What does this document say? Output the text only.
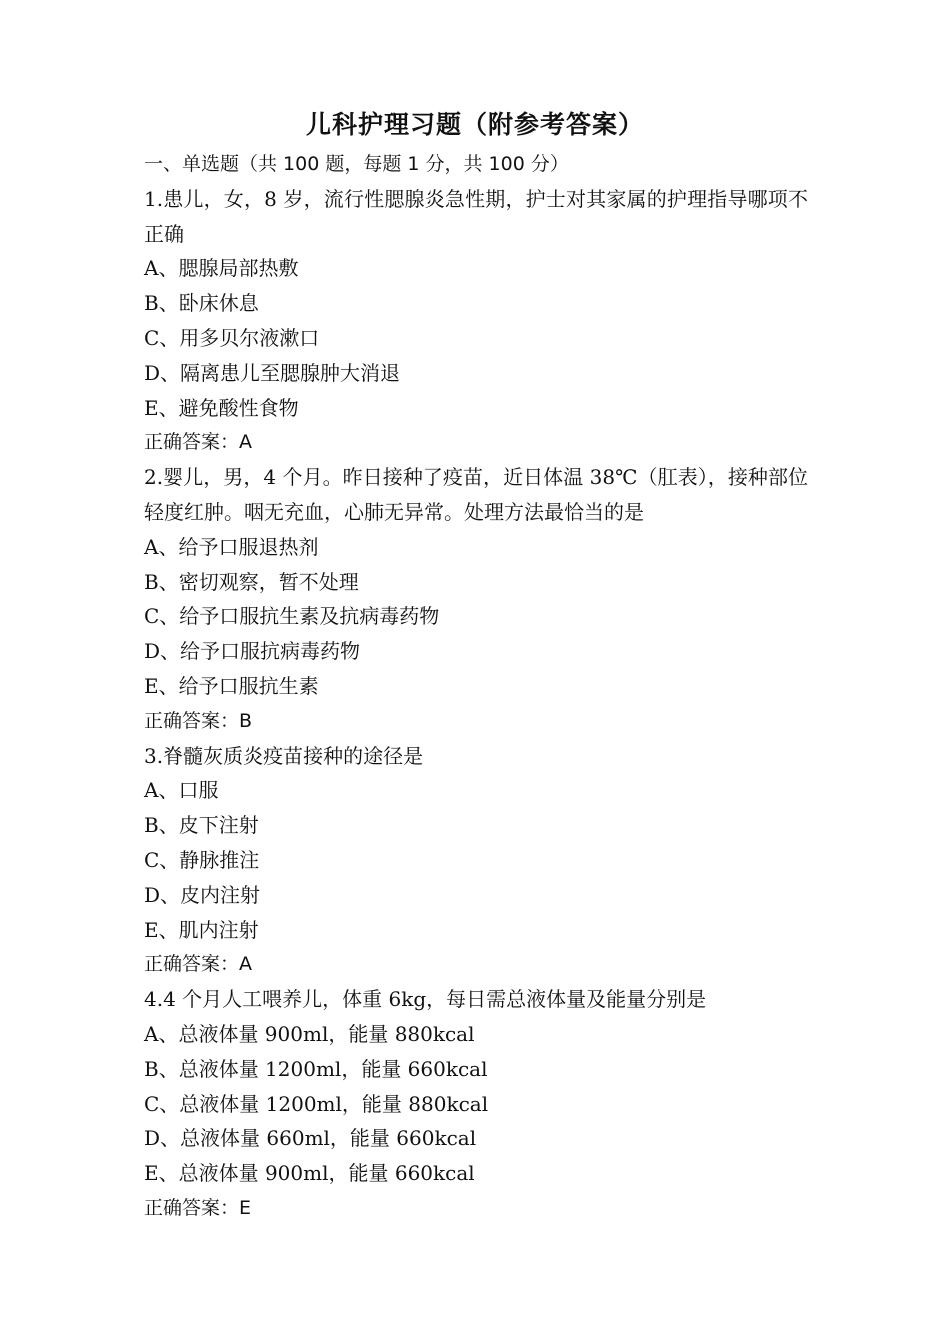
儿科护理习题（附参考答案）
一、单选题（共 100 题，每题 1 分，共 100 分）
1.患儿，女，8 岁，流行性腮腺炎急性期，护士对其家属的护理指导哪项不正确
A、腮腺局部热敷
B、卧床休息
C、用多贝尔液漱口
D、隔离患儿至腮腺肿大消退
E、避免酸性食物
正确答案：A
2.婴儿，男，4 个月。昨日接种了疫苗，近日体温 38℃（肛表），接种部位轻度红肿。咽无充血，心肺无异常。处理方法最恰当的是
A、给予口服退热剂
B、密切观察，暂不处理
C、给予口服抗生素及抗病毒药物
D、给予口服抗病毒药物
E、给予口服抗生素
正确答案：B
3.脊髓灰质炎疫苗接种的途径是
A、口服
B、皮下注射
C、静脉推注
D、皮内注射
E、肌内注射
正确答案：A
4.4 个月人工喂养儿，体重 6kg，每日需总液体量及能量分别是
A、总液体量 900ml，能量 880kcal
B、总液体量 1200ml，能量 660kcal
C、总液体量 1200ml，能量 880kcal
D、总液体量 660ml，能量 660kcal
E、总液体量 900ml，能量 660kcal
正确答案：E
